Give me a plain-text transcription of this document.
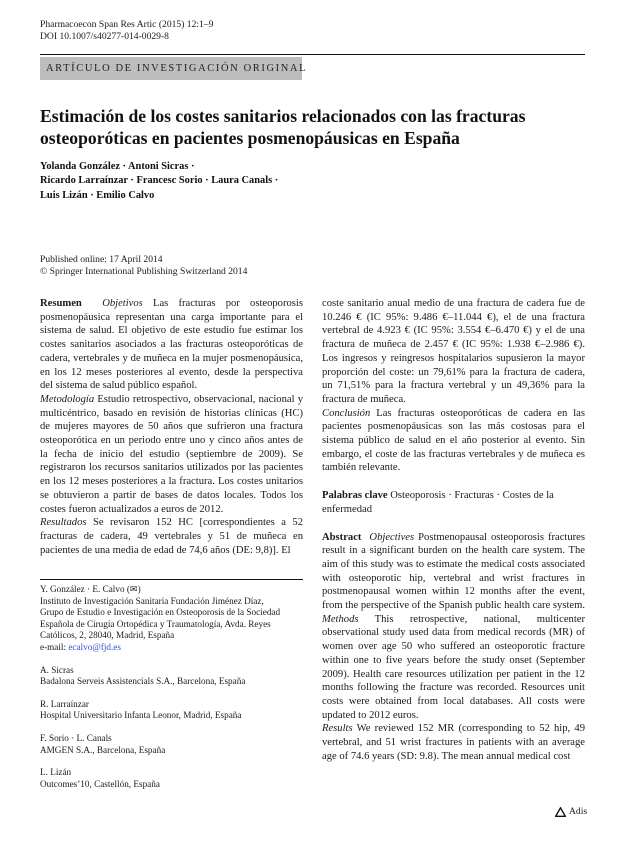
Pharmacoecon Span Res Artic (2015) 12:1–9
DOI 10.1007/s40277-014-0029-8
ARTÍCULO DE INVESTIGACIÓN ORIGINAL
Estimación de los costes sanitarios relacionados con las fracturas
osteoporóticas en pacientes posmenopáusicas en España
Yolanda González · Antoni Sicras ·
Ricardo Larraínzar · Francesc Sorio · Laura Canals ·
Luis Lizán · Emilio Calvo
Published online: 17 April 2014
© Springer International Publishing Switzerland 2014

Resumen Objetivos Las fracturas por osteoporosis posmenopáusica representan una carga importante para el sistema de salud. El objetivo de este estudio fue estimar los costes sanitarios asociados a las fracturas osteoporóticas de cadera, vertebrales y de muñeca en la mujer posmenopáusica, en los 12 meses posteriores al evento, desde la perspectiva del sistema de salud público español.

Metodología Estudio retrospectivo, observacional, nacional y multicéntrico, basado en revisión de historias clínicas (HC) de mujeres mayores de 50 años que sufrieron una fractura osteoporótica en un periodo entre uno y cinco años antes de la fecha de inicio del estudio (septiembre de 2009). Se registraron los recursos sanitarios utilizados por las pacientes en los 12 meses posteriores a la fractura. Los costes unitarios se obtuvieron a partir de bases de datos locales. Todos los costes fueron actualizados a euros de 2012.

Resultados Se revisaron 152 HC [correspondientes a 52 fracturas de cadera, 49 vertebrales y 51 de muñeca en pacientes de una media de edad de 74,6 años (DE: 9,8)]. El

Y. González · E. Calvo (✉)
Instituto de Investigación Sanitaria Fundación Jiménez Díaz,
Grupo de Estudio e Investigación en Osteoporosis de la Sociedad
Española de Cirugía Ortopédica y Traumatología, Avda. Reyes
Católicos, 2, 28040, Madrid, España
e-mail: ecalvo@fjd.es
A. Sicras
Badalona Serveis Assistencials S.A., Barcelona, España
R. Larraínzar
Hospital Universitario Infanta Leonor, Madrid, España
F. Sorio · L. Canals
AMGEN S.A., Barcelona, España
L. Lizán
Outcomes’10, Castellón, España

coste sanitario anual medio de una fractura de cadera fue de 10.246 € (IC 95%: 9.486 €–11.044 €), el de una fractura vertebral de 4.923 € (IC 95%: 3.554 €–6.470 €) y el de una fractura de muñeca de 2.457 € (IC 95%: 1.938 €–2.986 €). Los ingresos y reingresos hospitalarios supusieron la mayor proporción del coste: un 79,61% para la fractura de cadera, un 71,51% para la fractura vertebral y un 49,36% para la fractura de muñeca.

Conclusión Las fracturas osteoporóticas de cadera en las pacientes posmenopáusicas son las más costosas para el sistema público de salud en el año posterior al evento. Sin embargo, el coste de las fracturas vertebrales y de muñeca es también relevante.

Palabras clave Osteoporosis · Fracturas · Costes de la enfermedad

Abstract Objectives Postmenopausal osteoporosis fractures result in a significant burden on the health care system. The aim of this study was to estimate the medical costs associated with osteoporotic hip, vertebral and wrist fractures in postmenopausal women within 12 months after the event, from the perspective of the Spanish public health care system.

Methods This retrospective, national, multicenter observational study used data from medical records (MR) of women over age 50 who suffered an osteoporotic fracture within one to five years before the study onset (September 2009). Health care resources utilization per patient in the 12 months following the fracture was recorded. Resources unit costs were obtained from local databases. All costs were updated to 2012 euros.

Results We reviewed 152 MR (corresponding to 52 hip, 49 vertebral, and 51 wrist fractures in patients with an average age of 74.6 years (SD: 9.8). The mean annual medical cost

Adis
